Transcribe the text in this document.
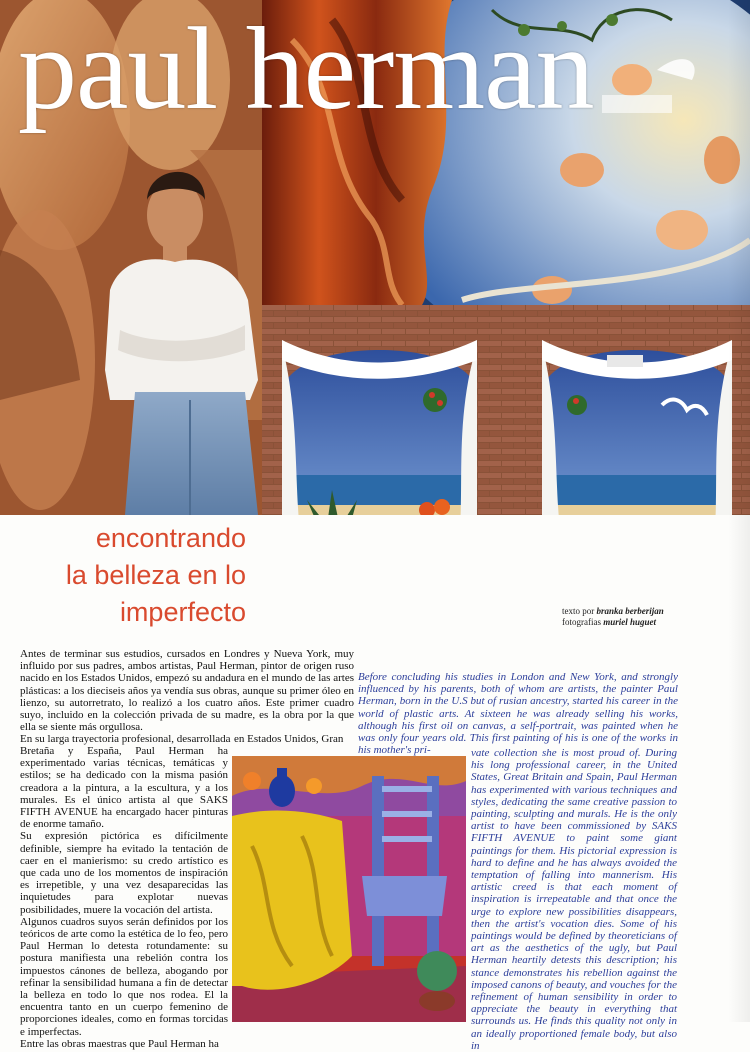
paul herman
encontrando
la belleza en lo
imperfecto	texto por branka berberijan
fotografias muriel huguet

Antes de terminar sus estudios, cursados en Londres y Nueva York, muy influido por sus padres, ambos artistas, Paul Herman, pintor de origen ruso nacido en los Estados Unidos, empezó su andadura en el mundo de las artes plásticas: a los dieciseis años ya vendía sus obras, aunque su primer óleo en lienzo, su autorretrato, lo realizó a los cuatro años. Este primer cuadro suyo, incluido en la colección privada de su madre, es la obra por la que ella se siente más orgullosa.

En su larga trayectoria profesional, desarrollada en Estados Unidos, Gran

Bretaña y España, Paul Herman ha experimentado varias técnicas, temáticas y estilos; se ha dedicado con la misma pasión creadora a la pintura, a la escultura, y a los murales. Es el único artista al que SAKS FIFTH AVENUE ha encargado hacer pinturas de enorme tamaño.

Su expresión pictórica es difícilmente definible, siempre ha evitado la tentación de caer en el manierismo: su credo artístico es que cada uno de los momentos de inspiración es irrepetible, y una vez desaparecidas las inquietudes para explotar nuevas posibilidades, muere la vocación del artista.

Algunos cuadros suyos serán definidos por los teóricos de arte como la estética de lo feo, pero Paul Herman lo detesta rotundamente: su postura manifiesta una rebelión contra los impuestos cánones de belleza, abogando por refinar la sensibilidad humana a fin de detectar la belleza en todo lo que nos rodea. El la encuentra tanto en un cuerpo femenino de proporciones ideales, como en formas torcidas e imperfectas.

Entre las obras maestras que Paul Herman ha

Before concluding his studies in London and New York, and strongly influenced by his parents, both of whom are artists, the painter Paul Herman, born in the U.S but of rusian ancestry, started his career in the world of plastic arts. At sixteen he was already selling his works, although his first oil on canvas, a self-portrait, was painted when he was only four years old. This first painting of his is one of the works in his mother's pri-	vate collection she is most proud of. During his long professional career, in the United States, Great Britain and Spain, Paul Herman has experimented with various techniques and styles, dedicating the same creative passion to painting, sculpting and murals. He is the only artist to have been commissioned by SAKS FIFTH AVENUE to paint some giant paintings for them. His pictorial expression is hard to define and he has always avoided the temptation of falling into mannerism. His artistic creed is that each moment of inspiration is irrepeatable and that once the urge to explore new possibilities disappears, then the artist's vocation dies. Some of his paintings would be defined by theoreticians of art as the aesthetics of the ugly, but Paul Herman heartily detests this description; his stance demonstrates his rebellion against the imposed canons of beauty, and vouches for the refinement of human sensibility in order to appreciate the beauty in everything that surrounds us. He finds this quality not only in an ideally proportioned female body, but also in
